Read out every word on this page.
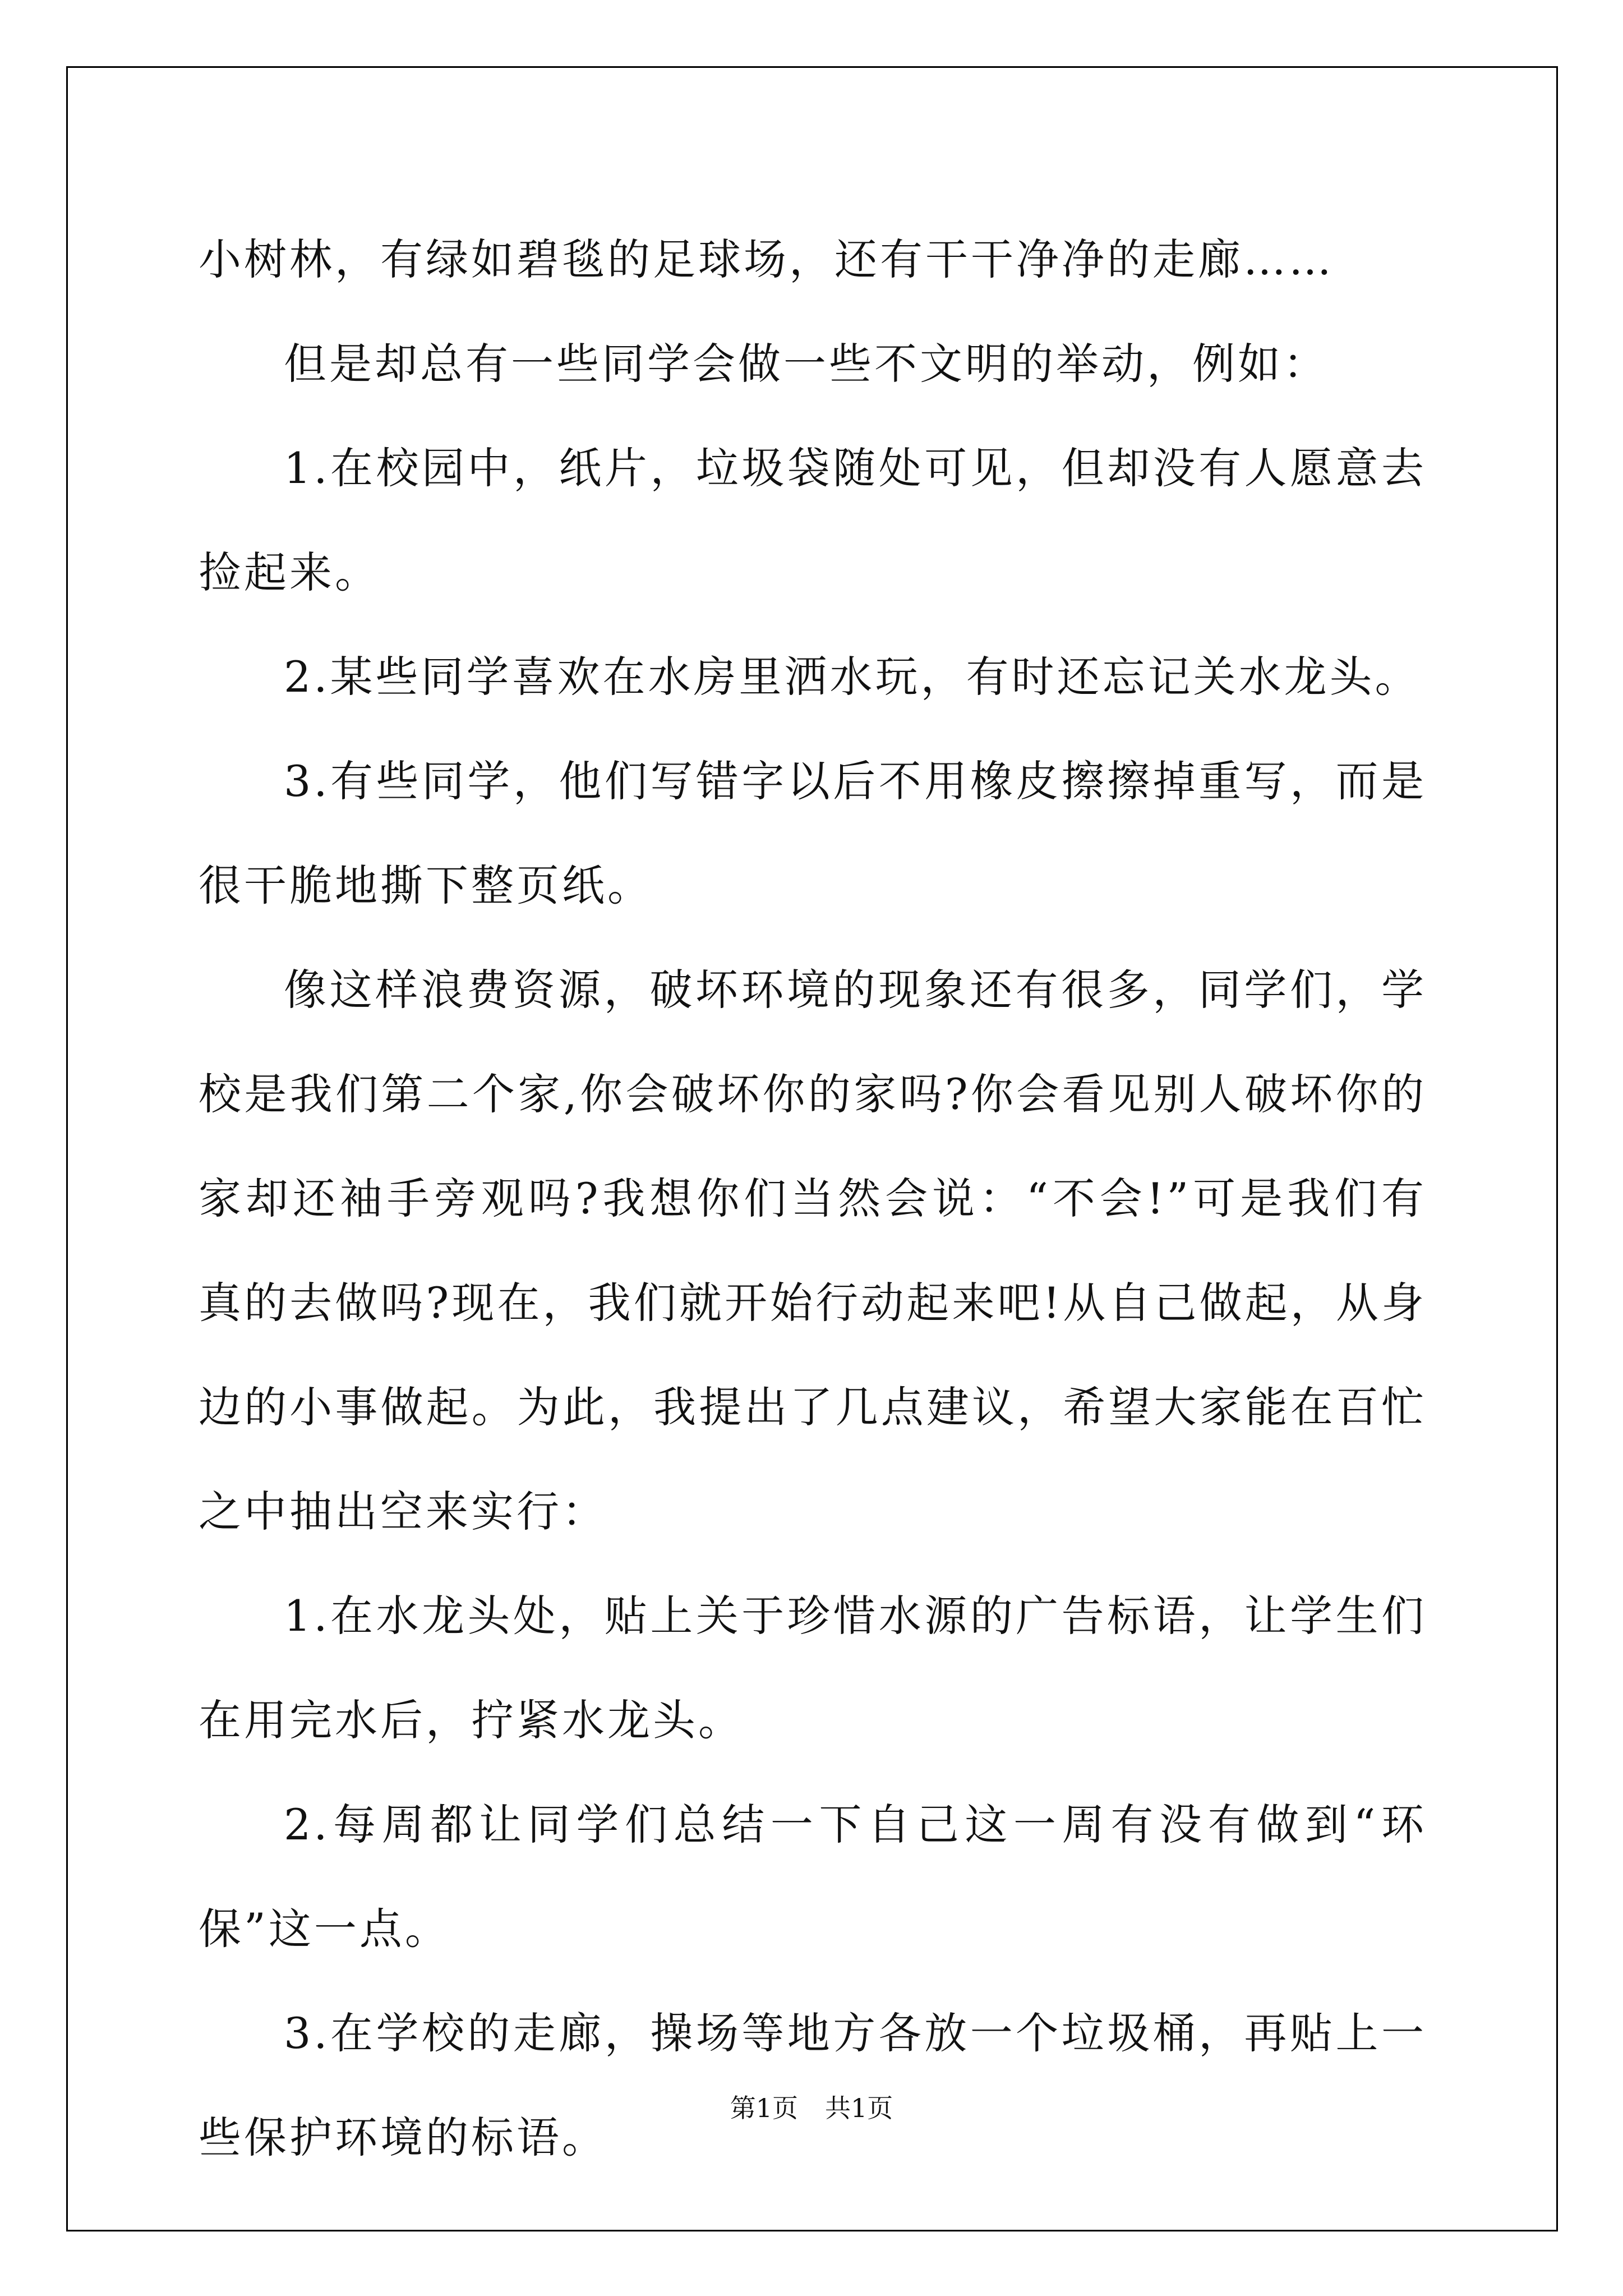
小树林，有绿如碧毯的足球场，还有干干净净的走廊……

但是却总有一些同学会做一些不文明的举动，例如：

1.在校园中，纸片，垃圾袋随处可见，但却没有人愿意去捡起来。

2.某些同学喜欢在水房里洒水玩，有时还忘记关水龙头。

3.有些同学，他们写错字以后不用橡皮擦擦掉重写，而是很干脆地撕下整页纸。

像这样浪费资源，破坏环境的现象还有很多，同学们，学校是我们第二个家,你会破坏你的家吗?你会看见别人破坏你的家却还袖手旁观吗?我想你们当然会说：“不会!”可是我们有真的去做吗?现在，我们就开始行动起来吧!从自己做起，从身边的小事做起。为此，我提出了几点建议，希望大家能在百忙之中抽出空来实行：

1.在水龙头处，贴上关于珍惜水源的广告标语，让学生们在用完水后，拧紧水龙头。

2.每周都让同学们总结一下自己这一周有没有做到“环保”这一点。

3.在学校的走廊，操场等地方各放一个垃圾桶，再贴上一些保护环境的标语。

第1页 共1页
